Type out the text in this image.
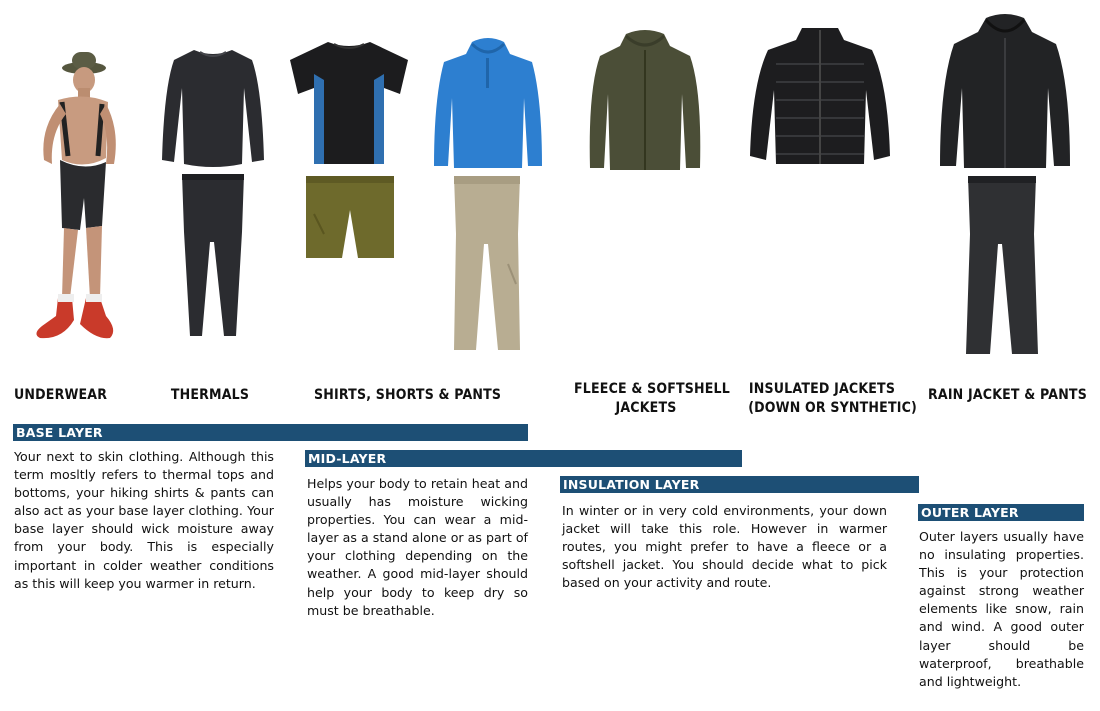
UNDERWEAR	THERMALS	SHIRTS, SHORTS & PANTS	FLEECE & SOFTSHELL
JACKETS
INSULATED JACKETS
(DOWN OR SYNTHETIC)
RAIN JACKET & PANTS
BASE LAYER
MID-LAYER
INSULATION LAYER
OUTER LAYER
Your next to skin clothing. Although this term mosltly refers to thermal tops and bottoms, your hiking shirts & pants can also act as your base layer clothing. Your base layer should wick moisture away from your body. This is especially important in colder weather conditions as this will keep you warmer in return.
Helps your body to retain heat and usually has moisture wicking properties. You can wear a mid-layer as a stand alone or as part of your clothing depending on the weather. A good mid-layer should help your body to keep dry so must be breathable.
In winter or in very cold environments, your down jacket will take this role. However in warmer routes, you might prefer to have a fleece or a softshell jacket. You should decide what to pick based on your activity and route.
Outer layers usually have no insulating properties. This is your protection against strong weather elements like snow, rain and wind. A good outer layer should be waterproof, breathable and lightweight.
